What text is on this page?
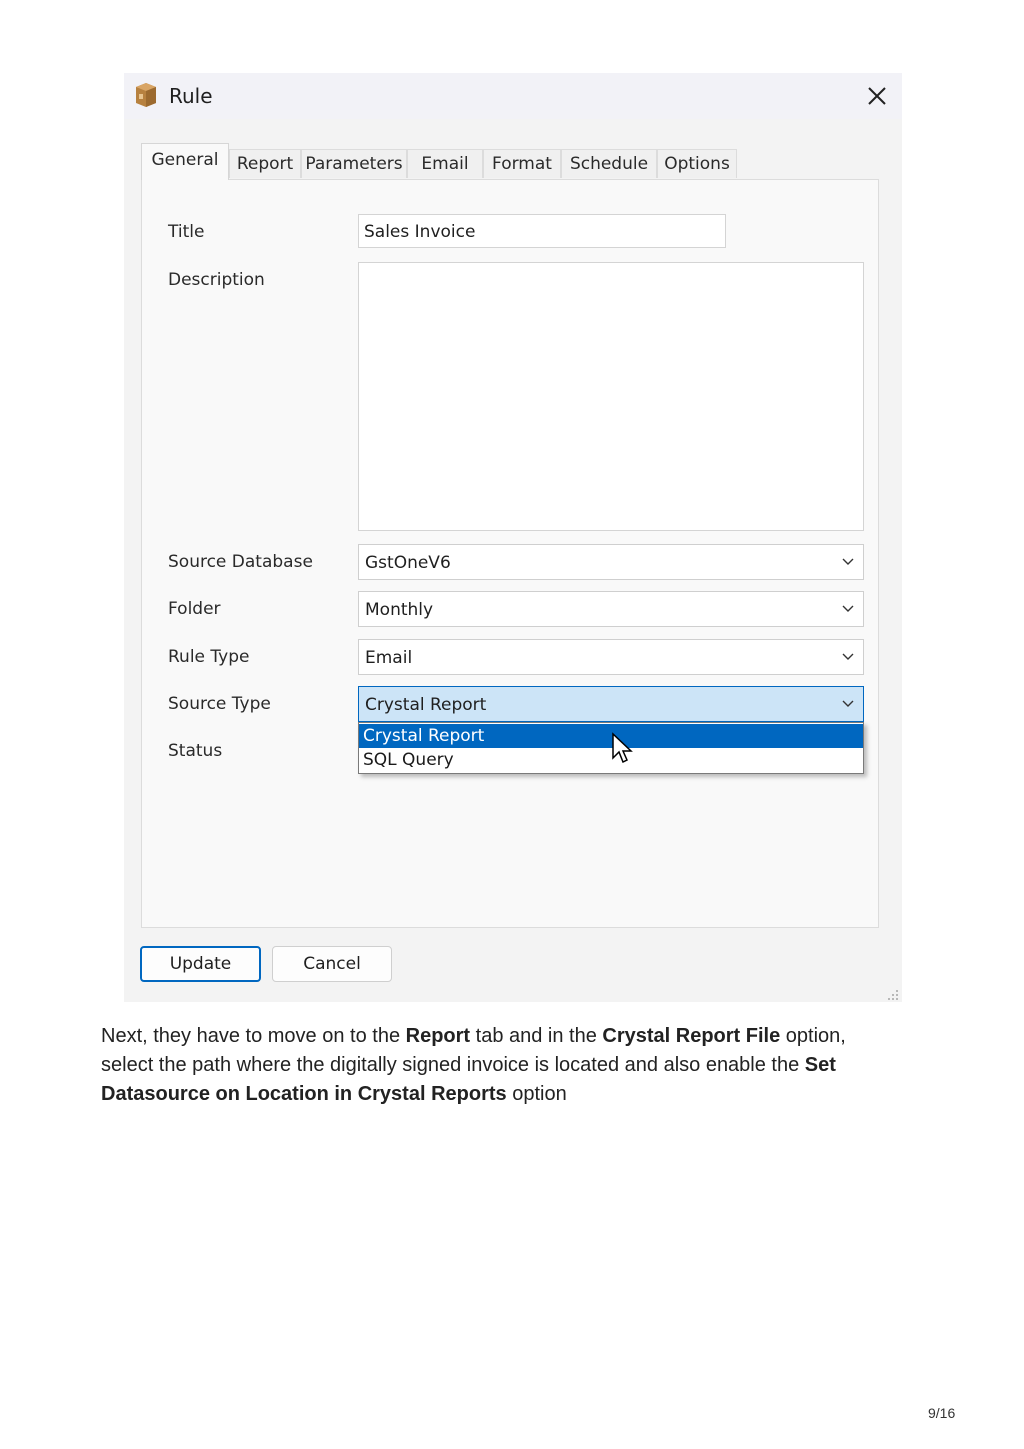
Rule
General	Report Parameters	Email	Format	Schedule Options
Title	Sales Invoice
Description
Source Database	GstOneV6
Folder	Monthly
Rule Type	Email
Source Type	Crystal Report
Crystal Report
SQL Query
Status
Update	Cancel

Next, they have to move on to the Report tab and in the Crystal Report File option, select the path where the digitally signed invoice is located and also enable the Set Datasource on Location in Crystal Reports option

9/16
